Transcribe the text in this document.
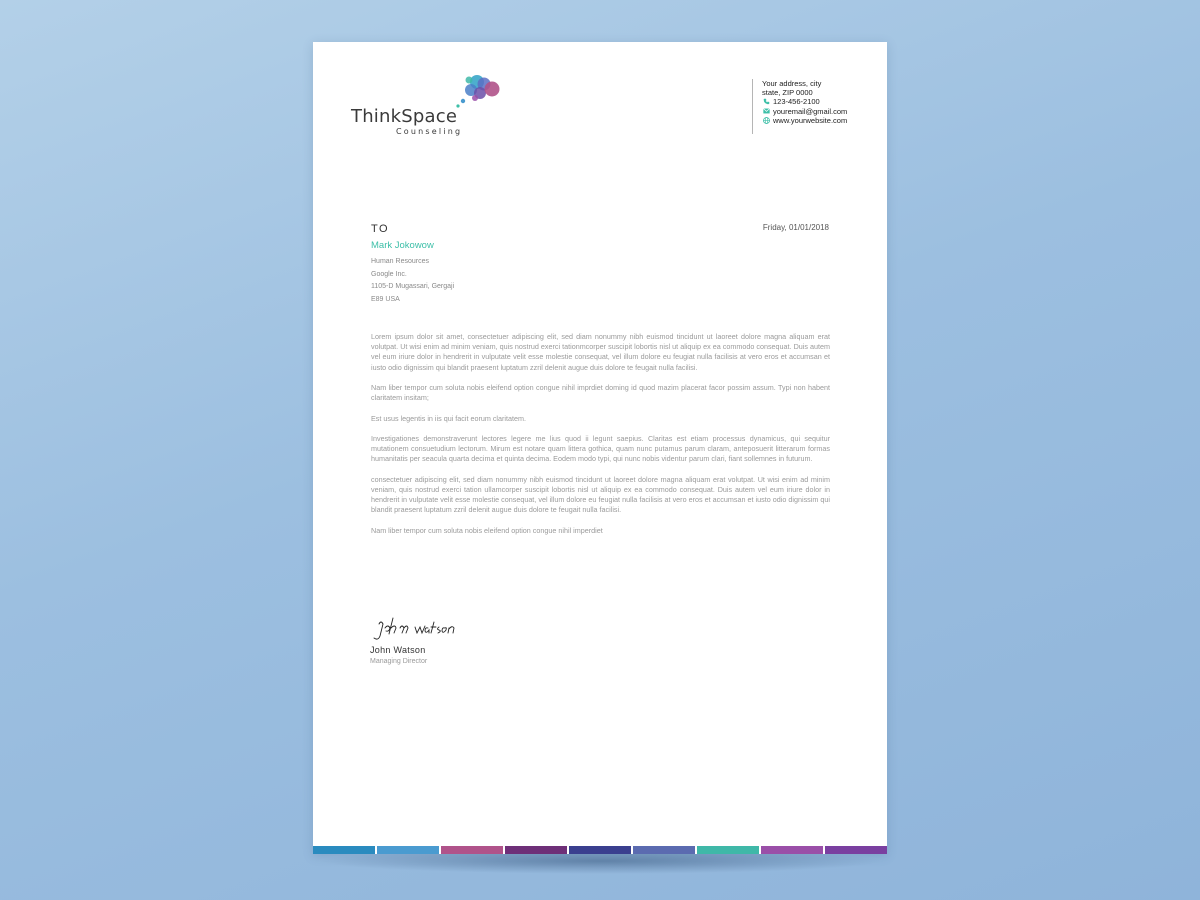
ThinkSpace
Counseling
Your address, city
state, ZIP 0000
123-456-2100
youremail@gmail.com
www.yourwebsite.com
TO	Friday, 01/01/2018
Mark Jokowow
Human Resources
Google Inc.
1105-D Mugassari, Gergaji
E89 USA

Lorem ipsum dolor sit amet, consectetuer adipiscing elit, sed diam nonummy nibh euismod tincidunt ut laoreet dolore magna aliquam erat volutpat. Ut wisi enim ad minim veniam, quis nostrud exerci tationmcorper suscipit lobortis nisl ut aliquip ex ea commodo consequat. Duis autem vel eum iriure dolor in hendrerit in vulputate velit esse molestie consequat, vel illum dolore eu feugiat nulla facilisis at vero eros et accumsan et iusto odio dignissim qui blandit praesent luptatum zzril delenit augue duis dolore te feugait nulla facilisi.

Nam liber tempor cum soluta nobis eleifend option congue nihil imprdiet doming id quod mazim placerat facor possim assum. Typi non habent claritatem insitam;

Est usus legentis in iis qui facit eorum claritatem.

Investigationes demonstraverunt lectores legere me lius quod ii legunt saepius. Claritas est etiam processus dynamicus, qui sequitur mutationem consuetudium lectorum. Mirum est notare quam littera gothica, quam nunc putamus parum claram, anteposuerit litterarum formas humanitatis per seacula quarta decima et quinta decima. Eodem modo typi, qui nunc nobis videntur parum clari, fiant sollemnes in futurum.

consectetuer adipiscing elit, sed diam nonummy nibh euismod tincidunt ut laoreet dolore magna aliquam erat volutpat. Ut wisi enim ad minim veniam, quis nostrud exerci tation ullamcorper suscipit lobortis nisl ut aliquip ex ea commodo consequat. Duis autem vel eum iriure dolor in hendrerit in vulputate velit esse molestie consequat, vel illum dolore eu feugiat nulla facilisis at vero eros et accumsan et iusto odio dignissim qui blandit praesent luptatum zzril delenit augue duis dolore te feugait nulla facilisi.

Nam liber tempor cum soluta nobis eleifend option congue nihil imperdiet

John Watson
Managing Director
